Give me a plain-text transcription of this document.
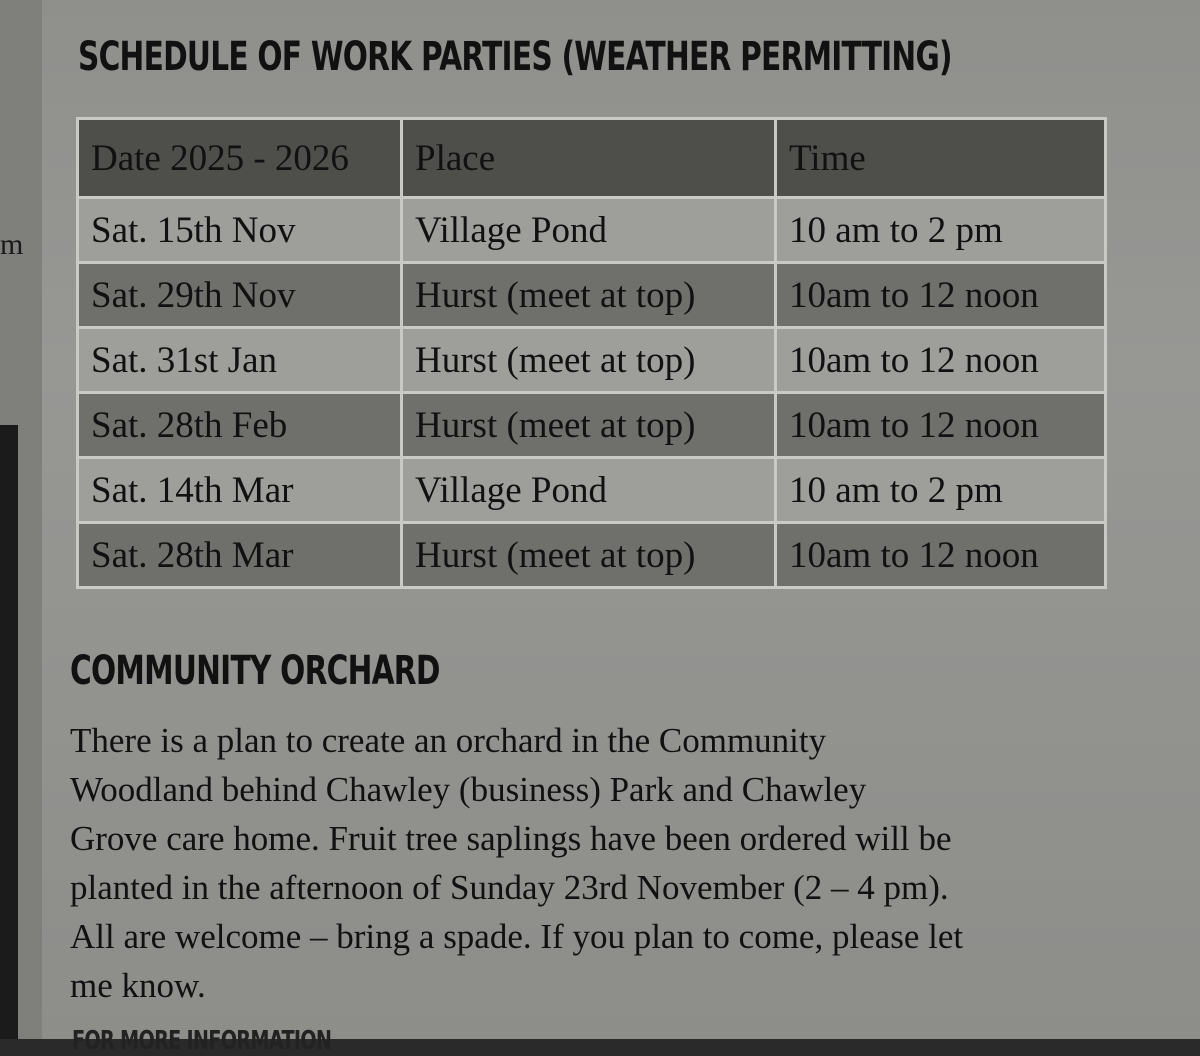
m
SCHEDULE OF WORK PARTIES (WEATHER PERMITTING)
Date 2025 - 2026	Place	Time
Sat. 15th Nov	Village Pond	10 am to 2 pm
Sat. 29th Nov	Hurst (meet at top)	10am to 12 noon
Sat. 31st Jan	Hurst (meet at top)	10am to 12 noon
Sat. 28th Feb	Hurst (meet at top)	10am to 12 noon
Sat. 14th Mar	Village Pond	10 am to 2 pm
Sat. 28th Mar	Hurst (meet at top)	10am to 12 noon
COMMUNITY ORCHARD

There is a plan to create an orchard in the Community

Woodland behind Chawley (business) Park and Chawley

Grove care home. Fruit tree saplings have been ordered will be

planted in the afternoon of Sunday 23rd November (2 – 4 pm).

All are welcome – bring a spade. If you plan to come, please let

me know.

FOR MORE INFORMATION
